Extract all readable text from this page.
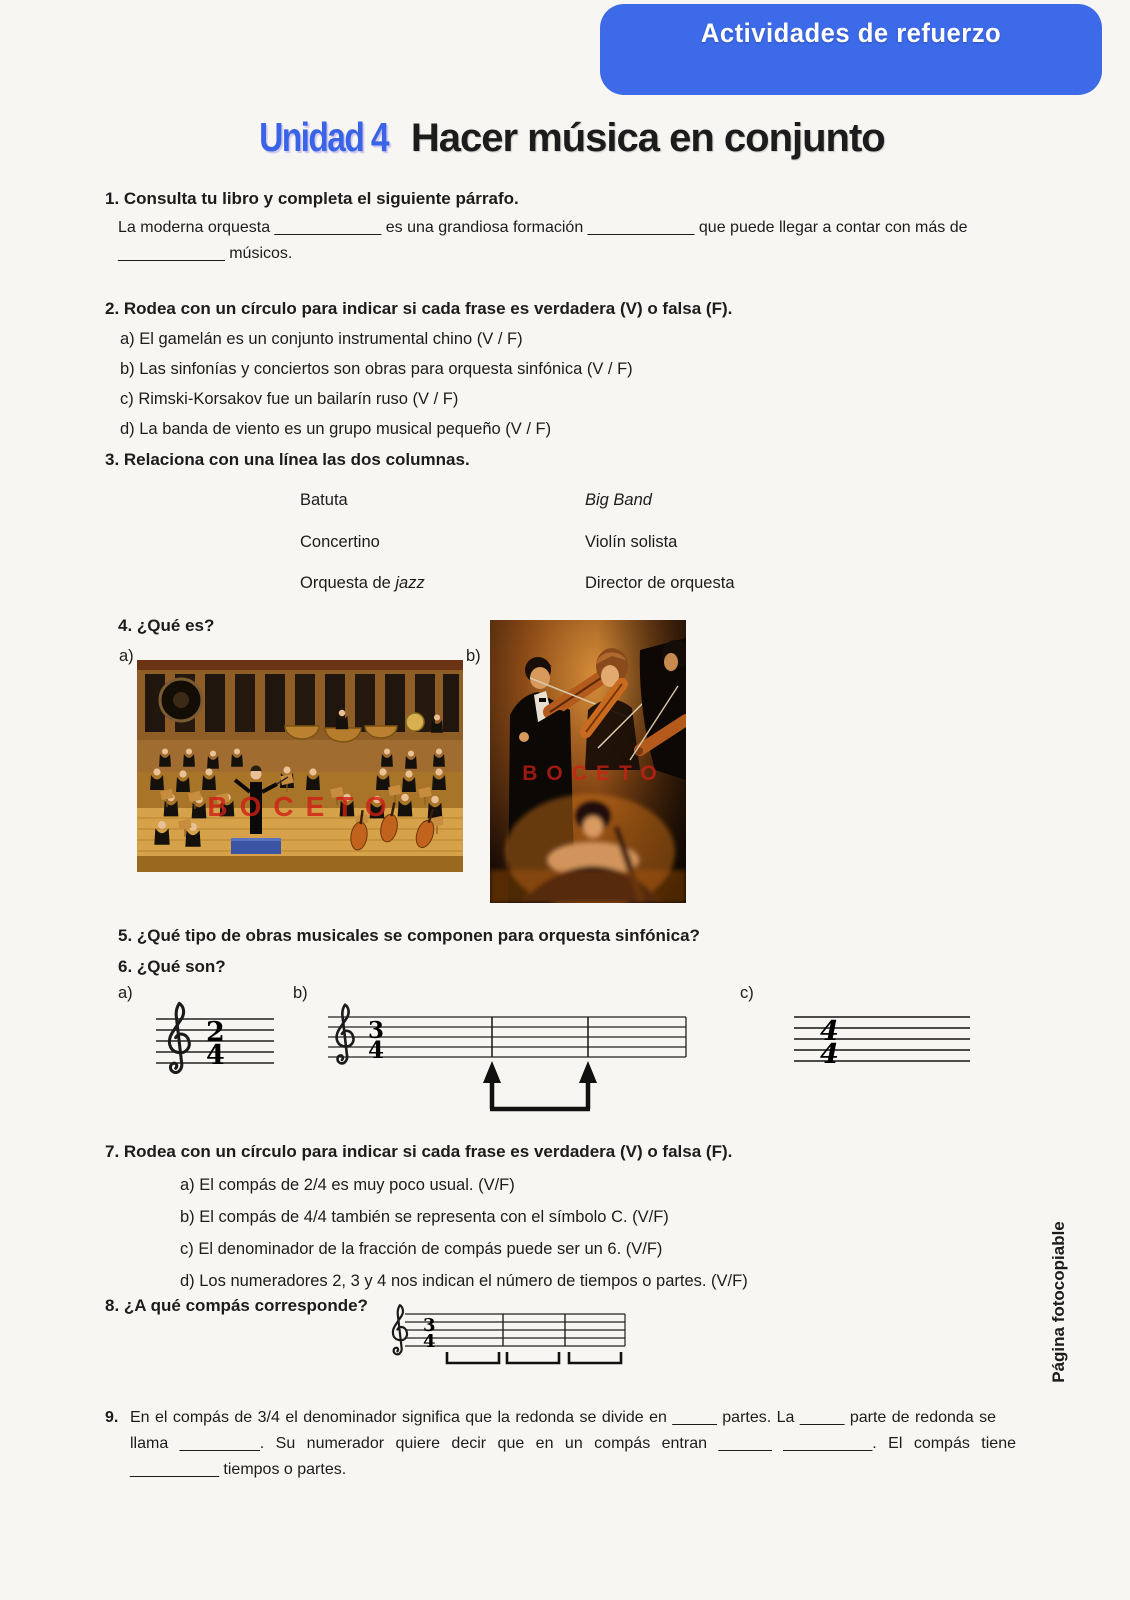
Actividades de refuerzo
Unidad 4 Hacer música en conjunto
1. Consulta tu libro y completa el siguiente párrafo.
La moderna orquesta ____________ es una grandiosa formación ____________ que puede llegar a contar con más de
____________ músicos.
2. Rodea con un círculo para indicar si cada frase es verdadera (V) o falsa (F).
a) El gamelán es un conjunto instrumental chino (V / F)
b) Las sinfonías y conciertos son obras para orquesta sinfónica (V / F)
c) Rimski-Korsakov fue un bailarín ruso (V / F)
d) La banda de viento es un grupo musical pequeño (V / F)
3. Relaciona con una línea las dos columnas.
Batuta	Big Band
Concertino	Violín solista
Orquesta de jazz	Director de orquesta
4. ¿Qué es?
a)	b)
BOCETO
BOCETO
5. ¿Qué tipo de obras musicales se componen para orquesta sinfónica?
6. ¿Qué son?
a)	b)	c)
2
4
3
4
4
4
7. Rodea con un círculo para indicar si cada frase es verdadera (V) o falsa (F).
a) El compás de 2/4 es muy poco usual. (V/F)
b) El compás de 4/4 también se representa con el símbolo C. (V/F)
c) El denominador de la fracción de compás puede ser un 6. (V/F)
d) Los numeradores 2, 3 y 4 nos indican el número de tiempos o partes. (V/F)
8. ¿A qué compás corresponde?
3
4
9. En el compás de 3/4 el denominador significa que la redonda se divide en _____ partes. La _____ parte de redonda se
llama _________. Su numerador quiere decir que en un compás entran ______ __________. El compás tiene
__________ tiempos o partes.
Página fotocopiable
